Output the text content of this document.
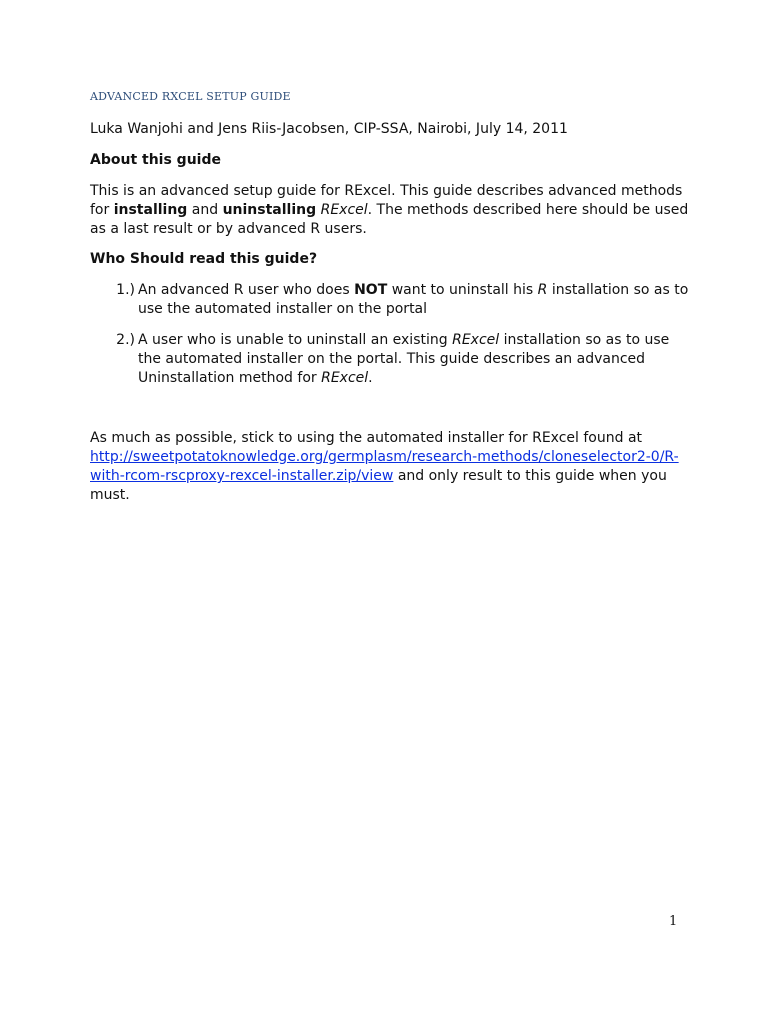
ADVANCED RXCEL SETUP GUIDE
Luka Wanjohi and Jens Riis-Jacobsen, CIP-SSA, Nairobi, July 14, 2011
About this guide
This is an advanced setup guide for RExcel. This guide describes advanced methods for installing and uninstalling RExcel. The methods described here should be used as a last result or by advanced R users.
Who Should read this guide?
1.) An advanced R user who does NOT want to uninstall his R installation so as to use the automated installer on the portal
2.) A user who is unable to uninstall an existing RExcel installation so as to use the automated installer on the portal. This guide describes an advanced Uninstallation method for RExcel.
As much as possible, stick to using the automated installer for RExcel found at http://sweetpotatoknowledge.org/germplasm/research-methods/cloneselector2-0/R-with-rcom-rscproxy-rexcel-installer.zip/view and only result to this guide when you must.
1
